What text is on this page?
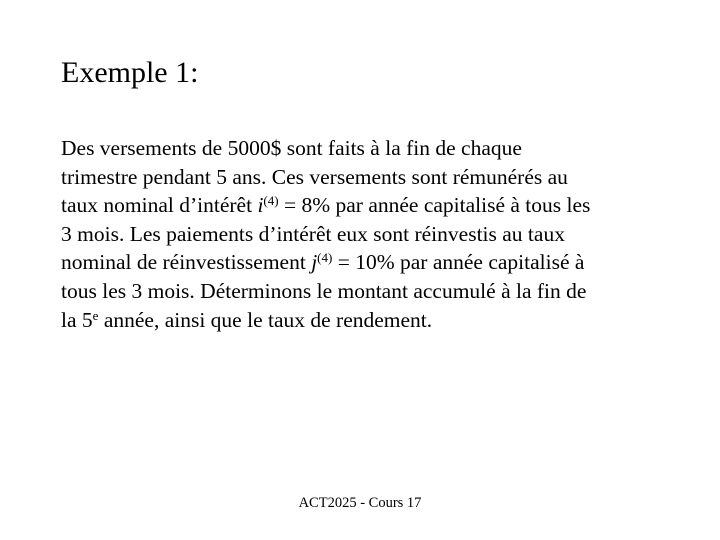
Exemple 1:
Des versements de 5000$ sont faits à la fin de chaque
trimestre pendant 5 ans. Ces versements sont rémunérés au
taux nominal d’intérêt $i^{(4)} = 8\%$ par année capitalisé à tous les
3 mois. Les paiements d’intérêt eux sont réinvestis au taux
nominal de réinvestissement $j^{(4)} = 10\%$ par année capitalisé à
tous les 3 mois. Déterminons le montant accumulé à la fin de
la 5e année, ainsi que le taux de rendement.
ACT2025 - Cours 17
